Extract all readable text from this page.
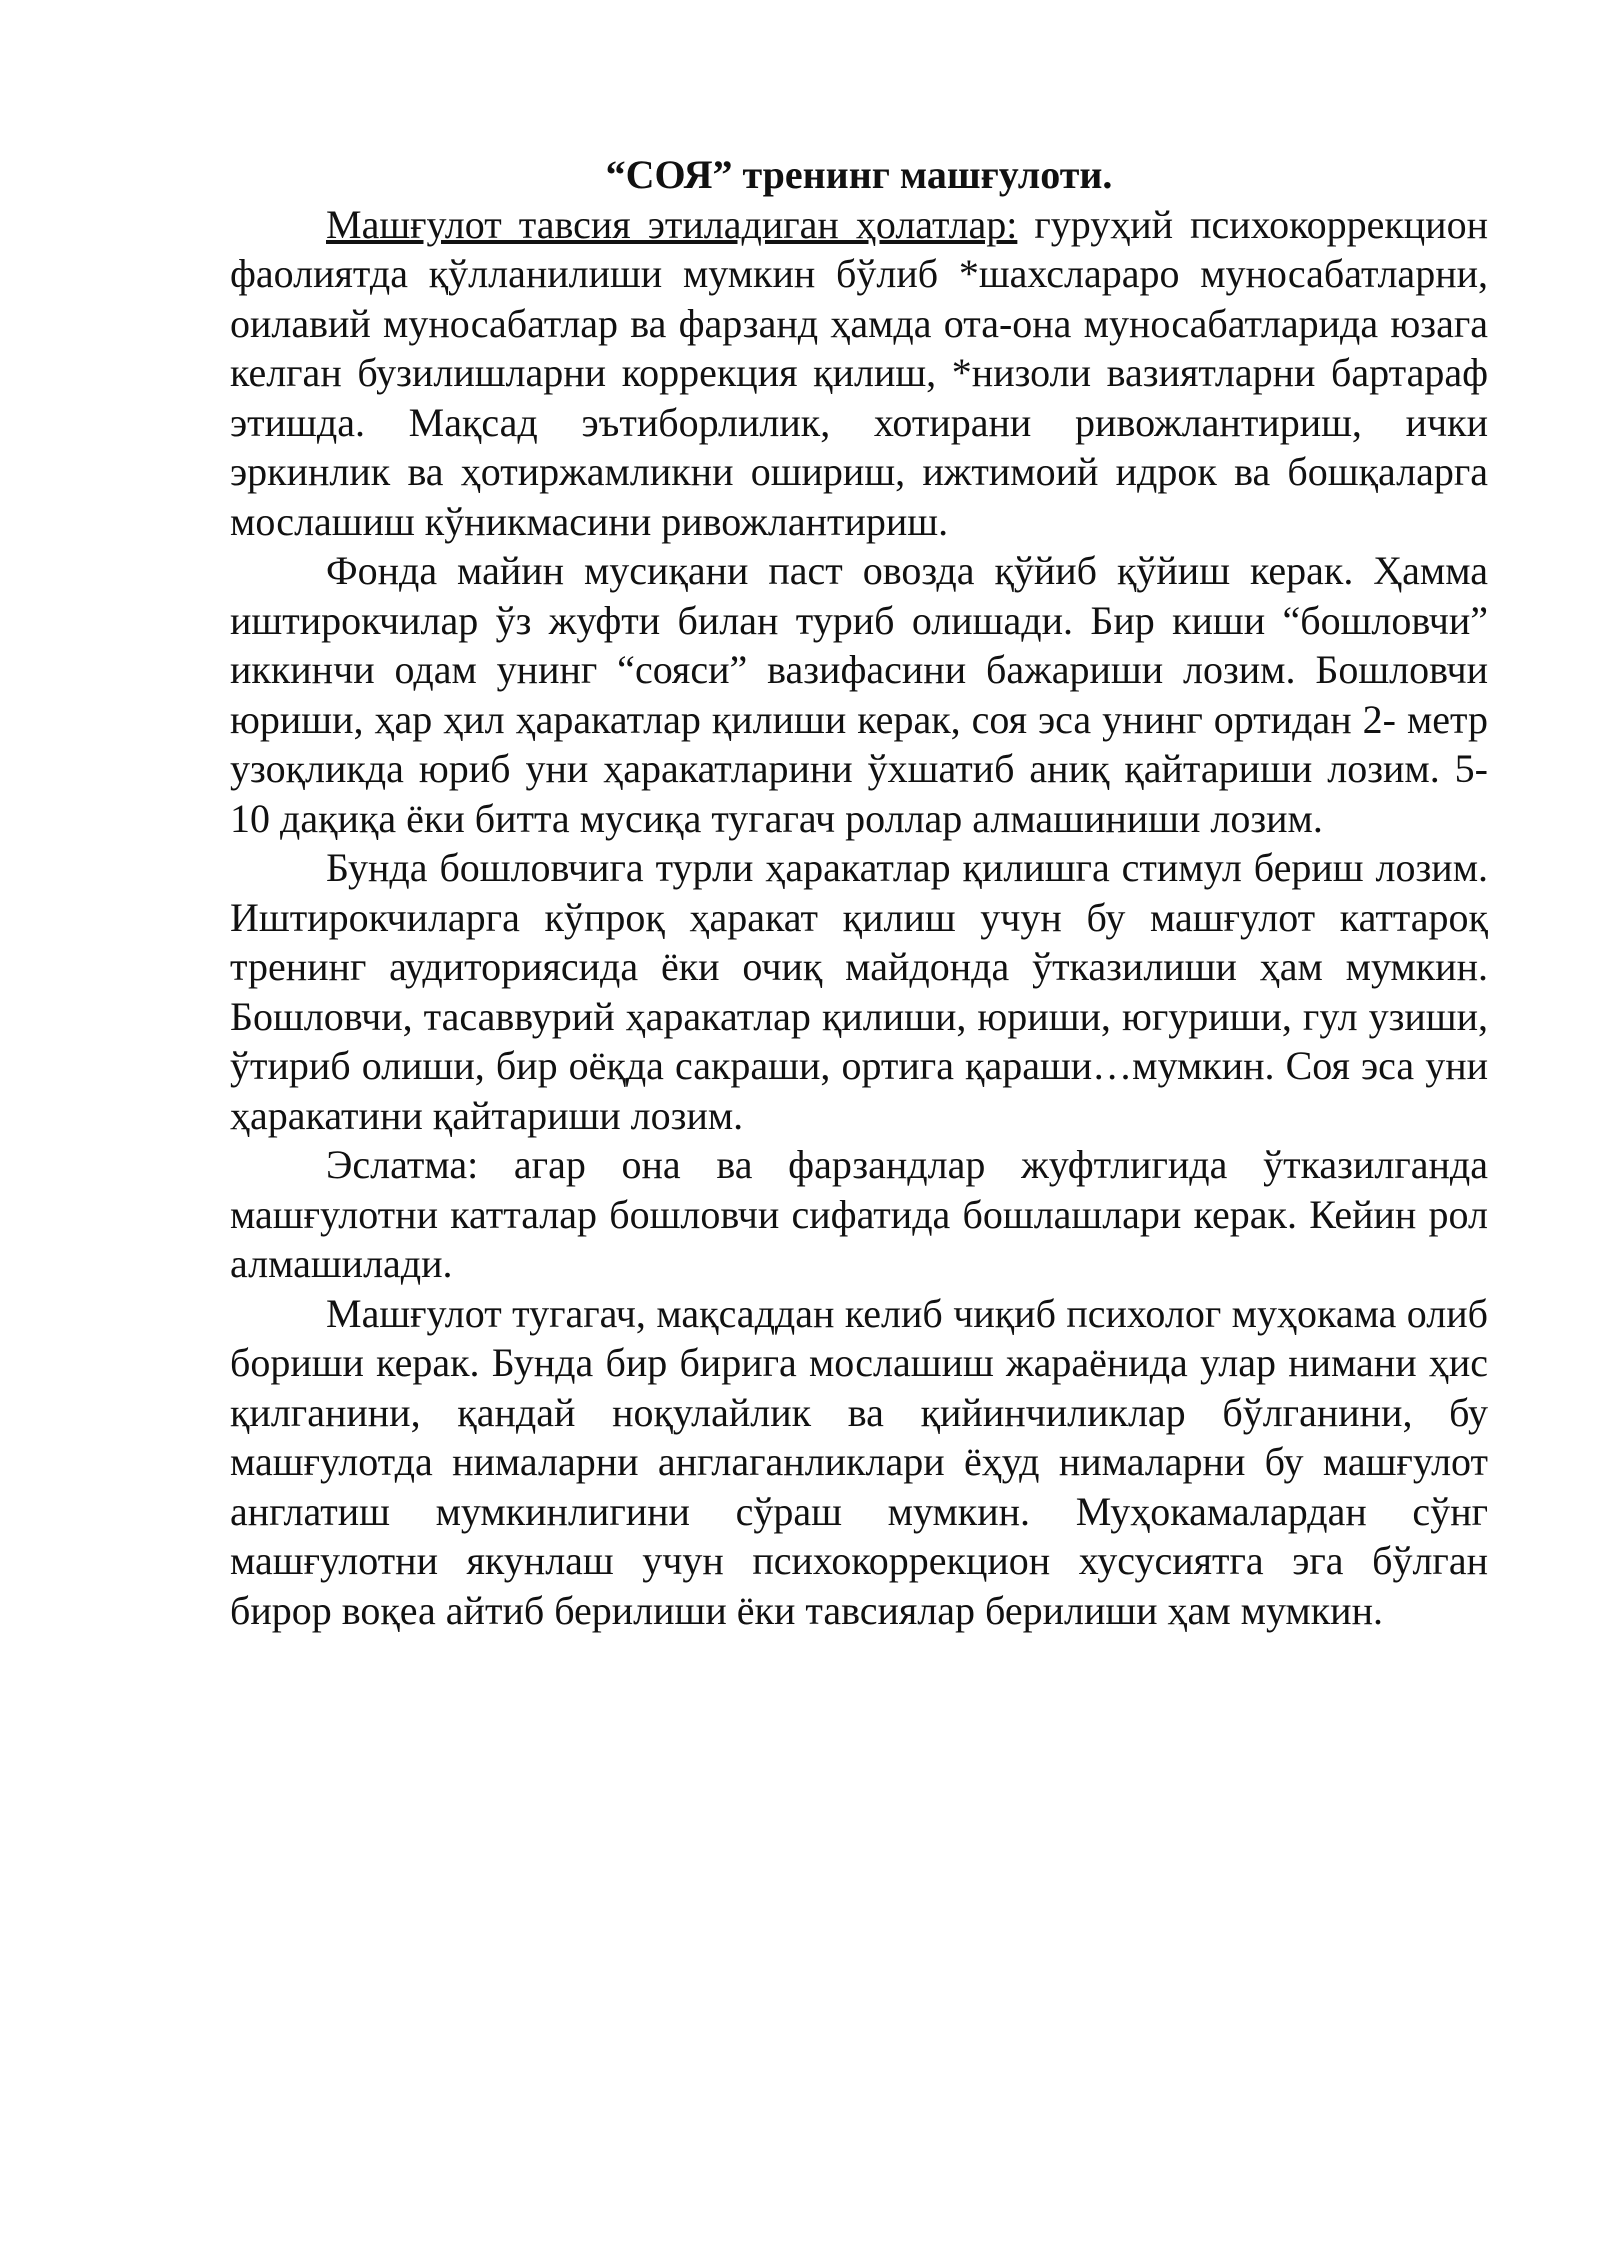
“СОЯ” тренинг машғулоти.

Машғулот тавсия этиладиган ҳолатлар: гуруҳий психокоррекцион фаолиятда қўлланилиши мумкин бўлиб *шахслараро муносабатларни, оилавий муносабатлар ва фарзанд ҳамда ота-она муносабатларида юзага келган бузилишларни коррекция қилиш, *низоли вазиятларни бартараф этишда. Мақсад эътиборлилик, хотирани ривожлантириш, ички эркинлик ва ҳотиржамликни ошириш, ижтимоий идрок ва бошқаларга мослашиш кўникмасини ривожлантириш.

Фонда майин мусиқани паст овозда қўйиб қўйиш керак. Ҳамма иштирокчилар ўз жуфти билан туриб олишади. Бир киши “бошловчи” иккинчи одам унинг “сояси” вазифасини бажариши лозим. Бошловчи юриши, ҳар ҳил ҳаракатлар қилиши керак, соя эса унинг ортидан 2- метр узоқликда юриб уни ҳаракатларини ўхшатиб аниқ қайтариши лозим. 5-10 дақиқа ёки битта мусиқа тугагач роллар алмашиниши лозим.

Бунда бошловчига турли ҳаракатлар қилишга стимул бериш лозим. Иштирокчиларга кўпроқ ҳаракат қилиш учун бу машғулот каттароқ тренинг аудиториясида ёки очиқ майдонда ўтказилиши ҳам мумкин. Бошловчи, тасаввурий ҳаракатлар қилиши, юриши, югуриши, гул узиши, ўтириб олиши, бир оёқда сакраши, ортига қараши…мумкин. Соя эса уни ҳаракатини қайтариши лозим.

Эслатма: агар она ва фарзандлар жуфтлигида ўтказилганда машғулотни катталар бошловчи сифатида бошлашлари керак. Кейин рол алмашилади.

Машғулот тугагач, мақсаддан келиб чиқиб психолог муҳокама олиб бориши керак. Бунда бир бирига мослашиш жараёнида улар нимани ҳис қилганини, қандай ноқулайлик ва қийинчиликлар бўлганини, бу машғулотда нималарни англаганликлари ёҳуд нималарни бу машғулот англатиш мумкинлигини сўраш мумкин. Муҳокамалардан сўнг машғулотни якунлаш учун психокоррекцион хусусиятга эга бўлган бирор воқеа айтиб берилиши ёки тавсиялар берилиши ҳам мумкин.
